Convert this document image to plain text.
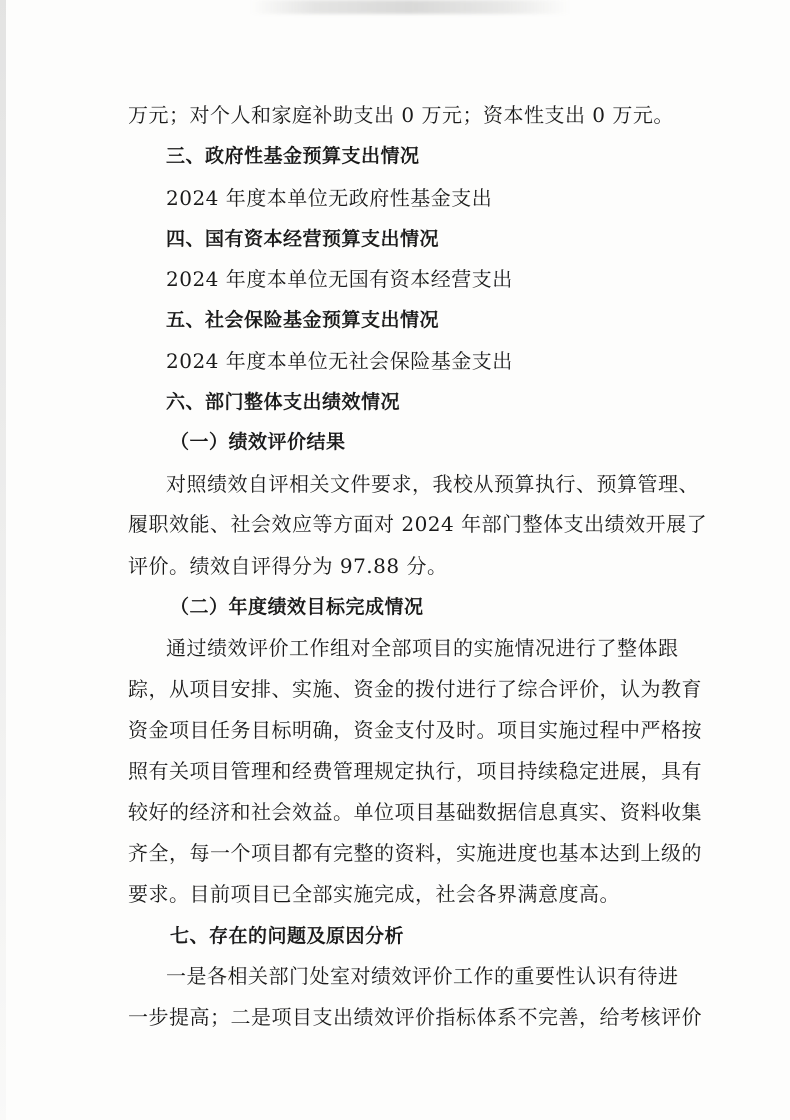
万元；对个人和家庭补助支出 0 万元；资本性支出 0 万元。
三、政府性基金预算支出情况
2024 年度本单位无政府性基金支出
四、国有资本经营预算支出情况
2024 年度本单位无国有资本经营支出
五、社会保险基金预算支出情况
2024 年度本单位无社会保险基金支出
六、部门整体支出绩效情况
（一）绩效评价结果
对照绩效自评相关文件要求，我校从预算执行、预算管理、
履职效能、社会效应等方面对 2024 年部门整体支出绩效开展了
评价。绩效自评得分为 97.88 分。
（二）年度绩效目标完成情况
通过绩效评价工作组对全部项目的实施情况进行了整体跟
踪，从项目安排、实施、资金的拨付进行了综合评价，认为教育
资金项目任务目标明确，资金支付及时。项目实施过程中严格按
照有关项目管理和经费管理规定执行，项目持续稳定进展，具有
较好的经济和社会效益。单位项目基础数据信息真实、资料收集
齐全，每一个项目都有完整的资料，实施进度也基本达到上级的
要求。目前项目已全部实施完成，社会各界满意度高。
七、存在的问题及原因分析
一是各相关部门处室对绩效评价工作的重要性认识有待进
一步提高；二是项目支出绩效评价指标体系不完善，给考核评价
